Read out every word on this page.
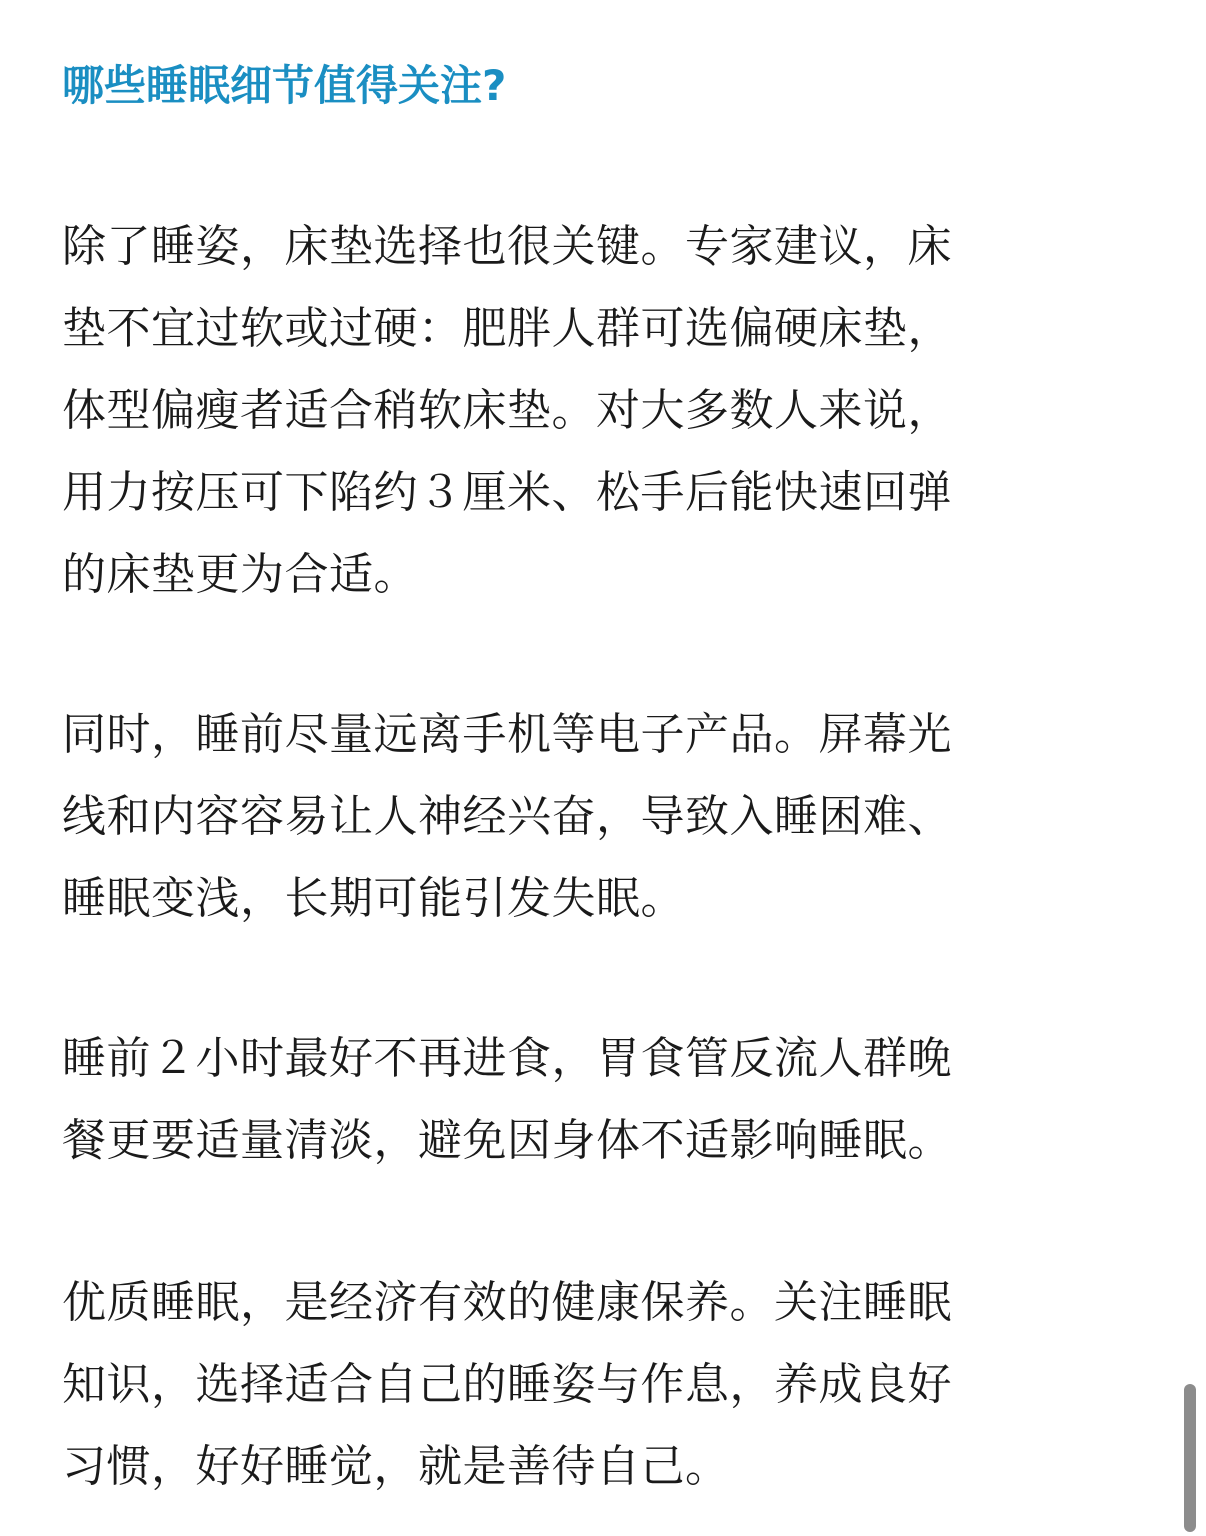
哪些睡眠细节值得关注?

除了睡姿，床垫选择也很关键。专家建议，床
垫不宜过软或过硬：肥胖人群可选偏硬床垫，
体型偏瘦者适合稍软床垫。对大多数人来说，
用力按压可下陷约３厘米、松手后能快速回弹
的床垫更为合适。

同时，睡前尽量远离手机等电子产品。屏幕光
线和内容容易让人神经兴奋，导致入睡困难、
睡眠变浅，长期可能引发失眠。

睡前２小时最好不再进食，胃食管反流人群晚
餐更要适量清淡，避免因身体不适影响睡眠。

优质睡眠，是经济有效的健康保养。关注睡眠
知识，选择适合自己的睡姿与作息，养成良好
习惯，好好睡觉，就是善待自己。
